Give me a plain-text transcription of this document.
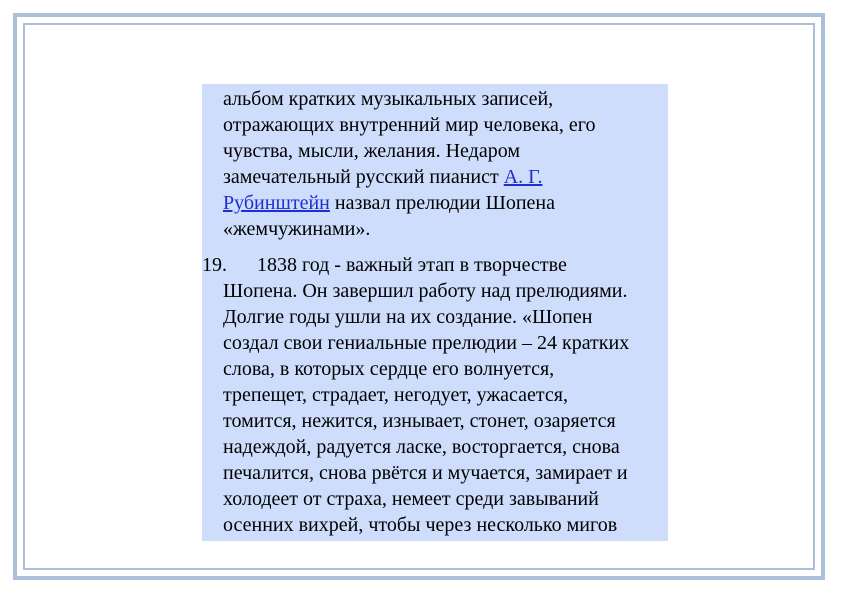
альбом кратких музыкальных записей,
отражающих внутренний мир человека, его
чувства, мысли, желания. Недаром
замечательный русский пианист А. Г.
Рубинштейн назвал прелюдии Шопена
«жемчужинами».
19. 1838 год - важный этап в творчестве
Шопена. Он завершил работу над прелюдиями.
Долгие годы ушли на их создание. «Шопен
создал свои гениальные прелюдии – 24 кратких
слова, в которых сердце его волнуется,
трепещет, страдает, негодует, ужасается,
томится, нежится, изнывает, стонет, озаряется
надеждой, радуется ласке, восторгается, снова
печалится, снова рвётся и мучается, замирает и
холодеет от страха, немеет среди завываний
осенних вихрей, чтобы через несколько мигов
